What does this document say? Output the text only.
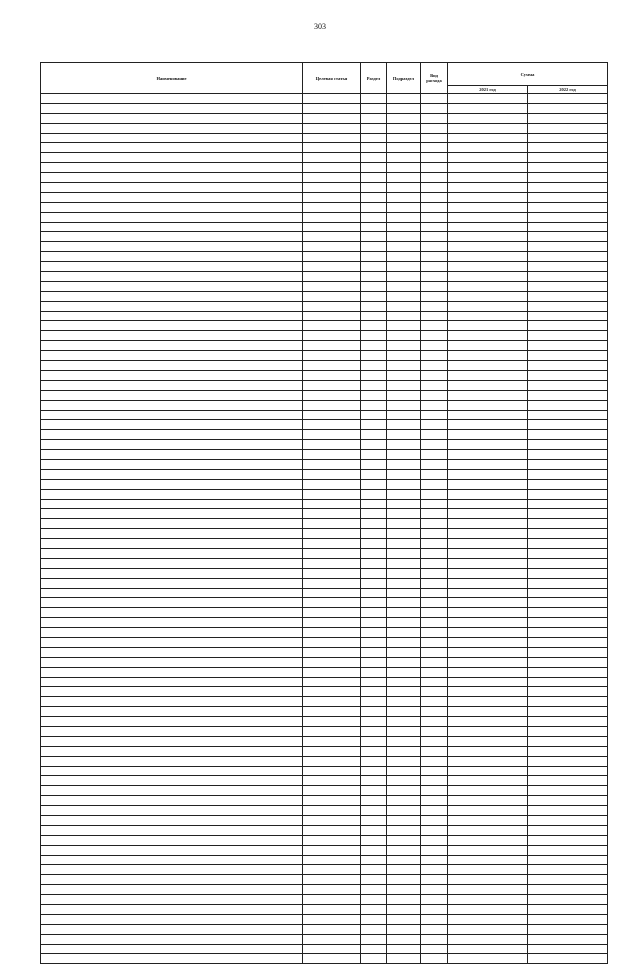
303
Наименование	Целевая статья	Раздел	Подраздел	Вид расхода	Сумма	
					2021 год	2022 год
